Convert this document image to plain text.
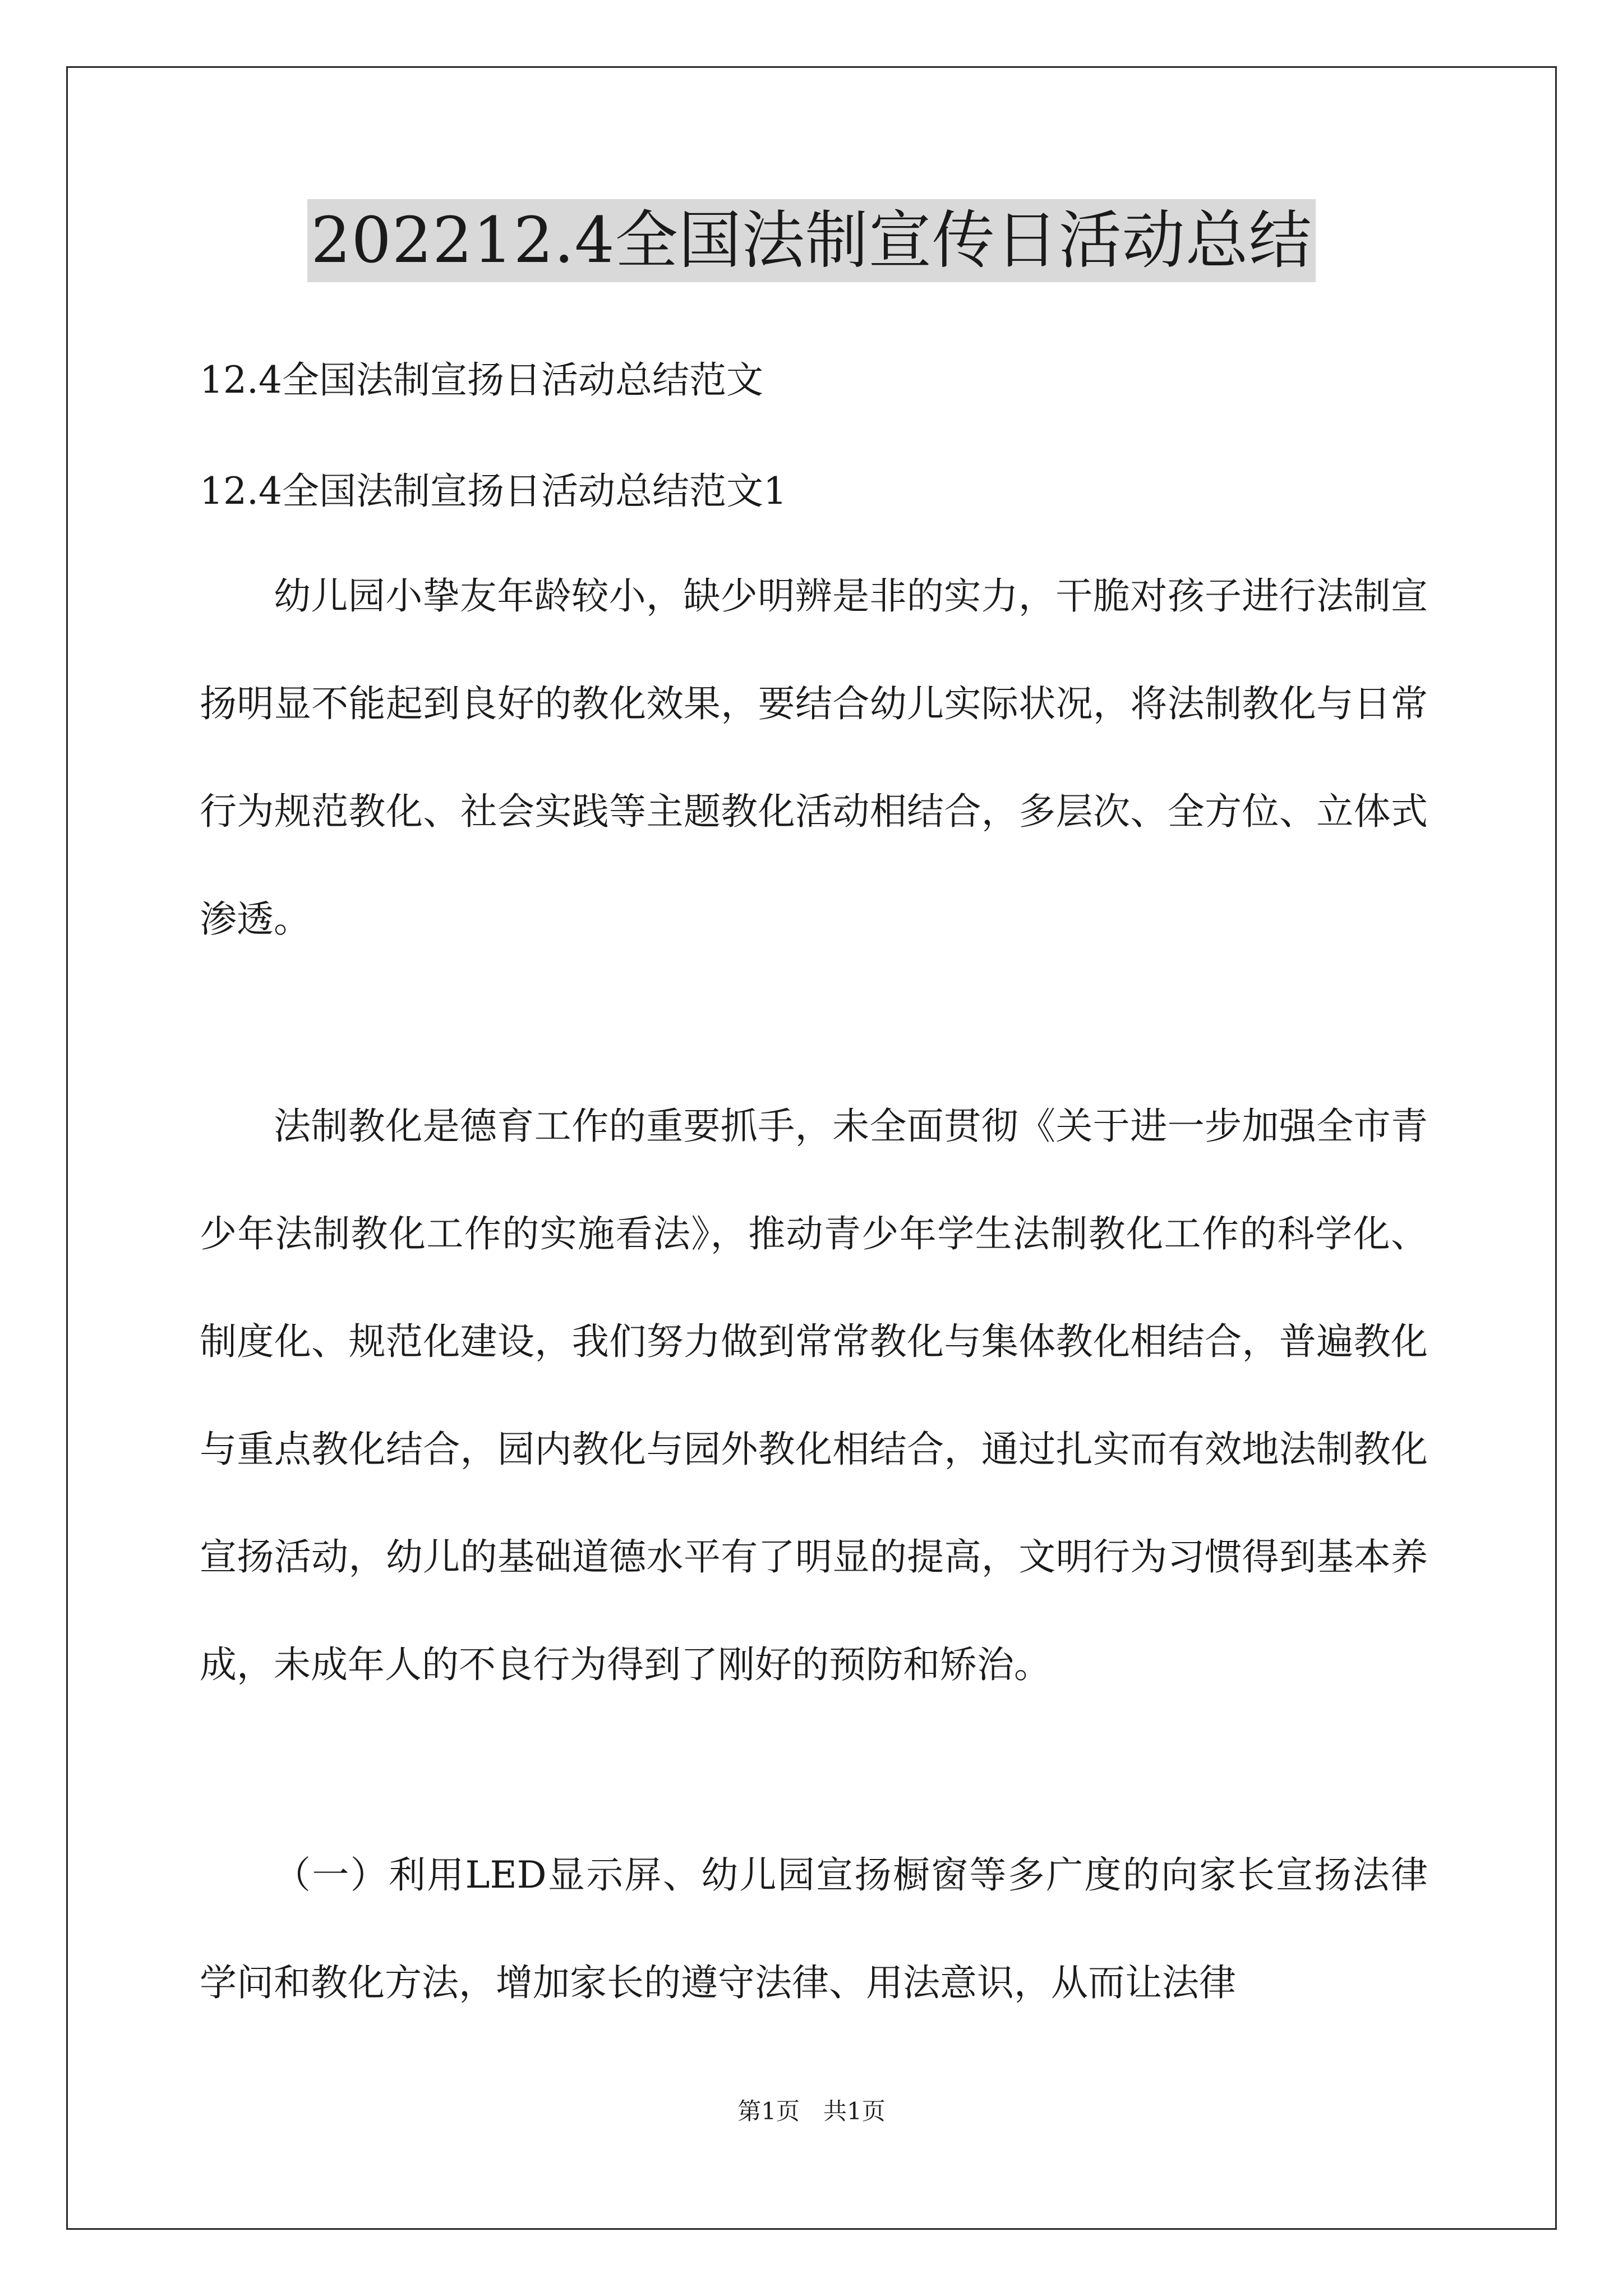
202212.4全国法制宣传日活动总结
12.4全国法制宣扬日活动总结范文
12.4全国法制宣扬日活动总结范文1

幼儿园小挚友年龄较小，缺少明辨是非的实力，干脆对孩子进行法制宣扬明显不能起到良好的教化效果，要结合幼儿实际状况，将法制教化与日常行为规范教化、社会实践等主题教化活动相结合，多层次、全方位、立体式渗透。

法制教化是德育工作的重要抓手，未全面贯彻《关于进一步加强全市青少年法制教化工作的实施看法》，推动青少年学生法制教化工作的科学化、制度化、规范化建设，我们努力做到常常教化与集体教化相结合，普遍教化与重点教化结合，园内教化与园外教化相结合，通过扎实而有效地法制教化宣扬活动，幼儿的基础道德水平有了明显的提高，文明行为习惯得到基本养成，未成年人的不良行为得到了刚好的预防和矫治。

（一）利用LED显示屏、幼儿园宣扬橱窗等多广度的向家长宣扬法律学问和教化方法，增加家长的遵守法律、用法意识，从而让法律

第1页　共1页
